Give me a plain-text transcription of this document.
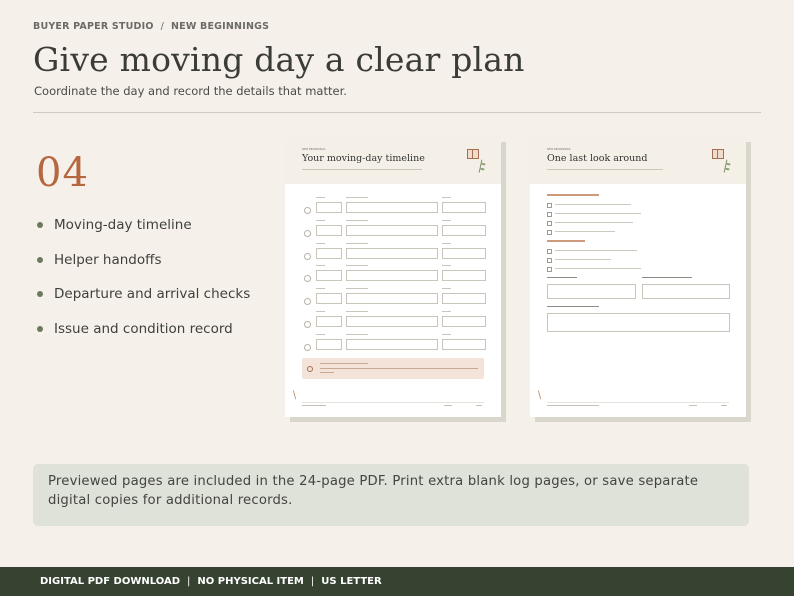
BUYER PAPER STUDIO / NEW BEGINNINGS
Give moving day a clear plan
Coordinate the day and record the details that matter.
04
Moving-day timeline
Helper handoffs
Departure and arrival checks
Issue and condition record
NEW BEGINNINGS
Your moving-day timeline
NEW BEGINNINGS
One last look around
Previewed pages are included in the 24-page PDF. Print extra blank log pages, or save separate digital copies for additional records.
DIGITAL PDF DOWNLOAD | NO PHYSICAL ITEM | US LETTER
